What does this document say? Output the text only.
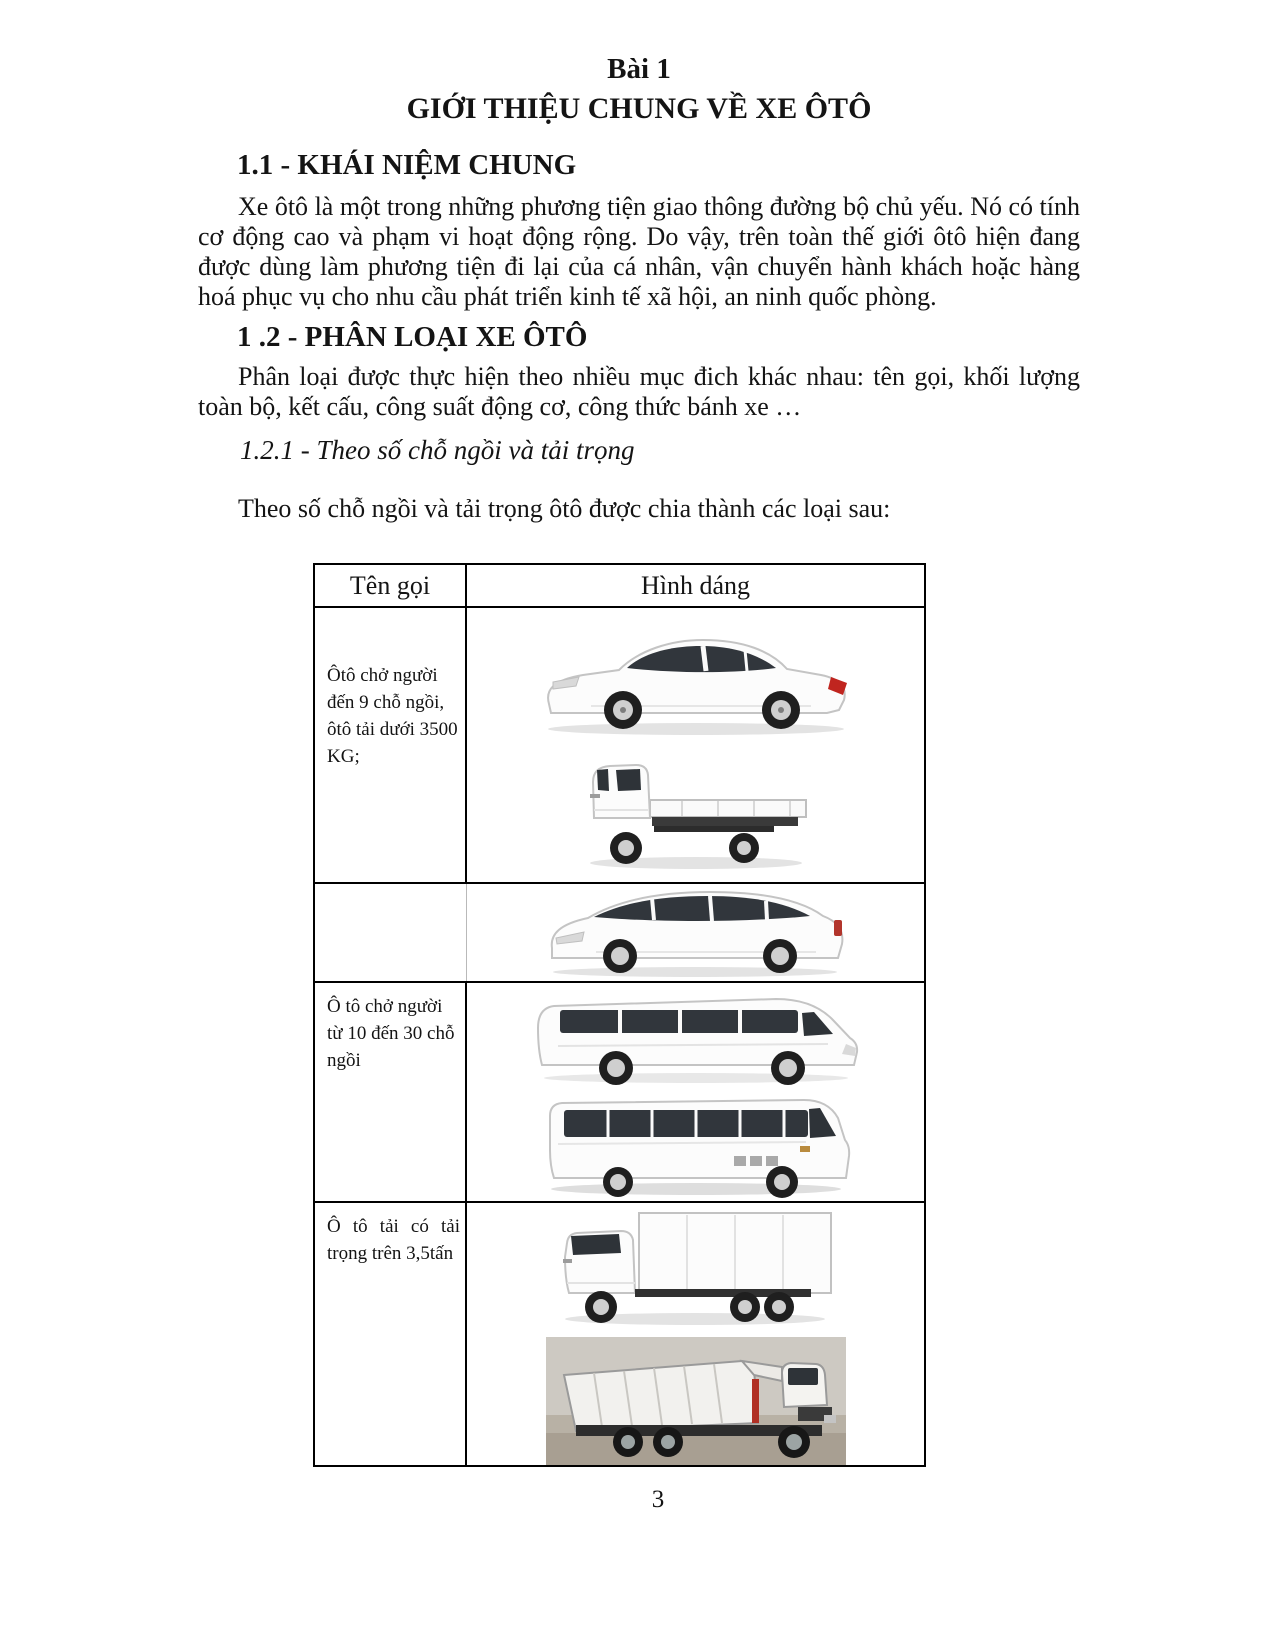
Bài 1
GIỚI THIỆU CHUNG VỀ XE ÔTÔ
1.1 - KHÁI NIỆM CHUNG
Xe ôtô là một trong những phương tiện giao thông đường bộ chủ yếu. Nó có tính cơ động cao và phạm vi hoạt động rộng. Do vậy, trên toàn thế giới ôtô hiện đang được dùng làm phương tiện đi lại của cá nhân, vận chuyển hành khách hoặc hàng hoá phục vụ cho nhu cầu phát triển kinh tế xã hội, an ninh quốc phòng.
1 .2 - PHÂN LOẠI XE ÔTÔ
Phân loại được thực hiện theo nhiều mục đich khác nhau: tên gọi, khối lượng toàn bộ, kết cấu, công suất động cơ, công thức bánh xe …
1.2.1 - Theo số chỗ ngồi và tải trọng
Theo số chỗ ngồi và tải trọng ôtô được chia thành các loại sau:
Tên gọi	Hình dáng
Ôtô chở người đến 9 chỗ ngồi, ôtô tải dưới 3500 KG;	

Ô tô chở người từ 10 đến 30 chỗ ngồi	

Ô tô tải có tải trọng trên 3,5tấn	
3
